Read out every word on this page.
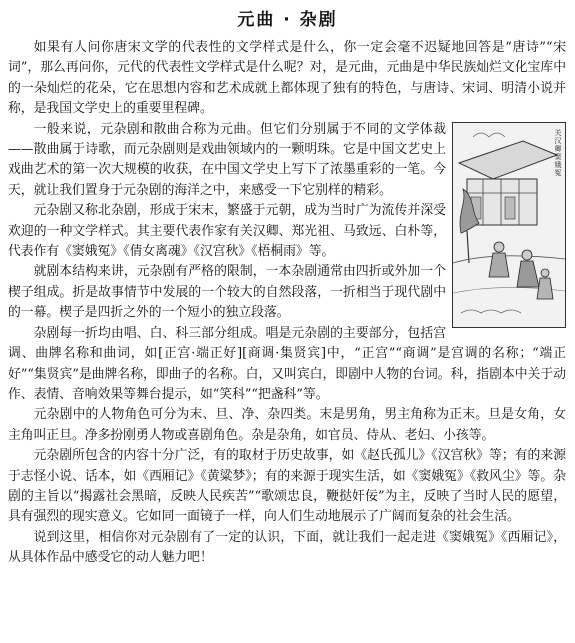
元曲 · 杂剧

如果有人问你唐宋文学的代表性的文学样式是什么，你一定会毫不迟疑地回答是“唐诗”“宋词”，那么再问你，元代的代表性文学样式是什么呢？对，是元曲，元曲是中华民族灿烂文化宝库中的一朵灿烂的花朵，它在思想内容和艺术成就上都体现了独有的特色，与唐诗、宋词、明清小说并称，是我国文学史上的重要里程碑。

关汉卿窦娥冤

一般来说，元杂剧和散曲合称为元曲。但它们分别属于不同的文学体裁——散曲属于诗歌，而元杂剧则是戏曲领域内的一颗明珠。它是中国文艺史上戏曲艺术的第一次大规模的收获，在中国文学史上写下了浓墨重彩的一笔。今天，就让我们置身于元杂剧的海洋之中，来感受一下它别样的精彩。

元杂剧又称北杂剧，形成于宋末，繁盛于元朝，成为当时广为流传并深受欢迎的一种文学样式。其主要代表作家有关汉卿、郑光祖、马致远、白朴等，代表作有《窦娥冤》《倩女离魂》《汉宫秋》《梧桐雨》等。

就剧本结构来讲，元杂剧有严格的限制，一本杂剧通常由四折或外加一个楔子组成。折是故事情节中发展的一个较大的自然段落，一折相当于现代剧中的一幕。楔子是四折之外的一个短小的独立段落。

杂剧每一折均由唱、白、科三部分组成。唱是元杂剧的主要部分，包括宫调、曲牌名称和曲词，如[正宫·端正好][商调·集贤宾]中，“正宫”“商调”是宫调的名称；“端正好”“集贤宾”是曲牌名称，即曲子的名称。白，又叫宾白，即剧中人物的台词。科，指剧本中关于动作、表情、音响效果等舞台提示，如“笑科”“把盏科”等。

元杂剧中的人物角色可分为末、旦、净、杂四类。末是男角，男主角称为正末。旦是女角，女主角叫正旦。净多扮刚勇人物或喜剧角色。杂是杂角，如官员、侍从、老妇、小孩等。

元杂剧所包含的内容十分广泛，有的取材于历史故事，如《赵氏孤儿》《汉宫秋》等；有的来源于志怪小说、话本，如《西厢记》《黄粱梦》；有的来源于现实生活，如《窦娥冤》《救风尘》等。杂剧的主旨以“揭露社会黑暗，反映人民疾苦”“歌颂忠良，鞭挞奸佞”为主，反映了当时人民的愿望，具有强烈的现实意义。它如同一面镜子一样，向人们生动地展示了广阔而复杂的社会生活。

说到这里，相信你对元杂剧有了一定的认识，下面，就让我们一起走进《窦娥冤》《西厢记》，从具体作品中感受它的动人魅力吧！
